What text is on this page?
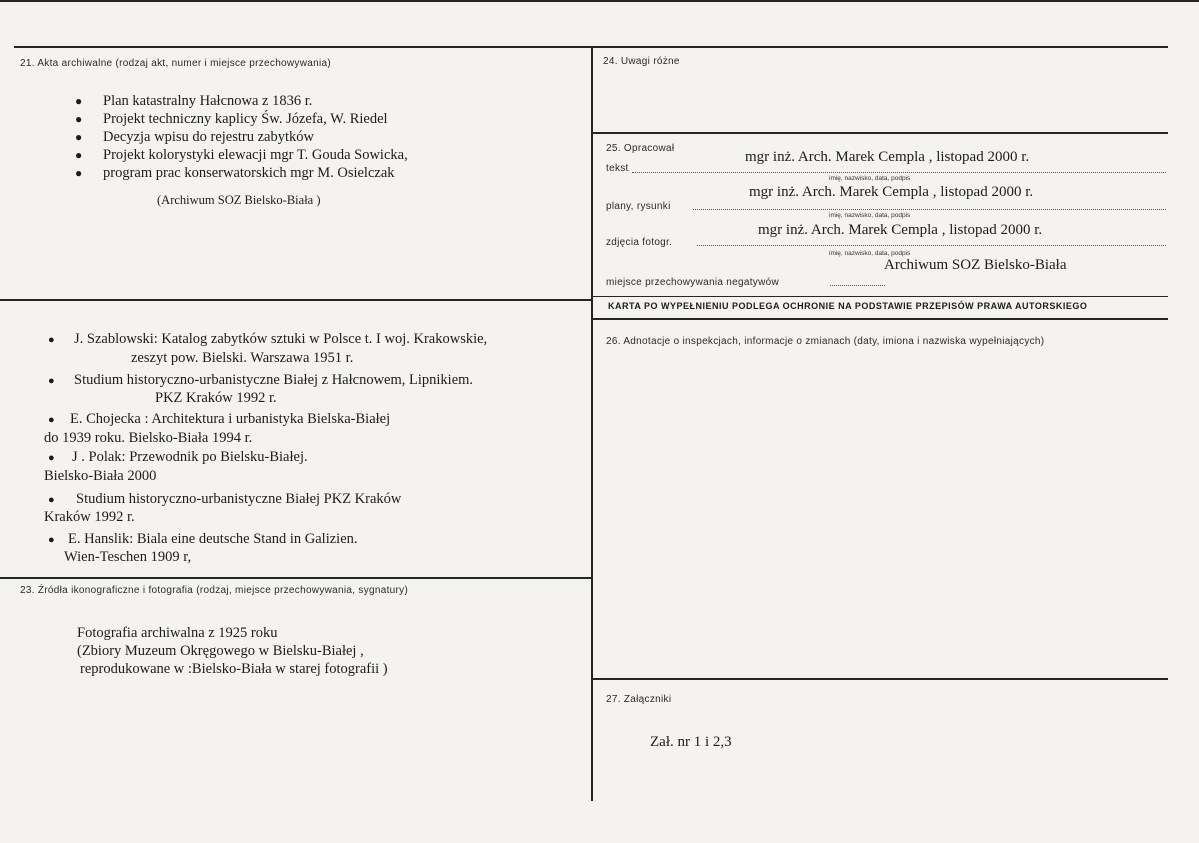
21. Akta archiwalne (rodzaj akt, numer i miejsce przechowywania)
● Plan katastralny Hałcnowa z 1836 r.
● Projekt techniczny kaplicy Św. Józefa, W. Riedel
● Decyzja wpisu do rejestru zabytków
● Projekt kolorystyki elewacji mgr T. Gouda Sowicka,
● program prac konserwatorskich mgr M. Osielczak
(Archiwum SOZ Bielsko-Biała )
● J. Szablowski: Katalog zabytków sztuki w Polsce t. I woj. Krakowskie,
zeszyt pow. Bielski. Warszawa 1951 r.
● Studium historyczno-urbanistyczne Białej z Hałcnowem, Lipnikiem.
PKZ Kraków 1992 r.
● E. Chojecka : Architektura i urbanistyka Bielska-Białej
do 1939 roku. Bielsko-Biała 1994 r.
● J . Polak: Przewodnik po Bielsku-Białej.
Bielsko-Biała 2000
● Studium historyczno-urbanistyczne Białej PKZ Kraków
Kraków 1992 r.
● E. Hanslik: Biala eine deutsche Stand in Galizien.
Wien-Teschen 1909 r,
23. Źródła ikonograficzne i fotografia (rodzaj, miejsce przechowywania, sygnatury)
Fotografia archiwalna z 1925 roku
(Zbiory Muzeum Okręgowego w Bielsku-Białej ,
reprodukowane w :Bielsko-Biała w starej fotografii )
24. Uwagi różne
25. Opracował
tekst
mgr inż. Arch. Marek Cempla , listopad 2000 r.
imię, nazwisko, data, podpis
plany, rysunki
mgr inż. Arch. Marek Cempla , listopad 2000 r.
imię, nazwisko, data, podpis
zdjęcia fotogr.
mgr inż. Arch. Marek Cempla , listopad 2000 r.
imię, nazwisko, data, podpis
miejsce przechowywania negatywów
Archiwum SOZ Bielsko-Biała
KARTA PO WYPEŁNIENIU PODLEGA OCHRONIE NA PODSTAWIE PRZEPISÓW PRAWA AUTORSKIEGO
26. Adnotacje o inspekcjach, informacje o zmianach (daty, imiona i nazwiska wypełniających)
27. Załączniki
Zał. nr 1 i 2,3
